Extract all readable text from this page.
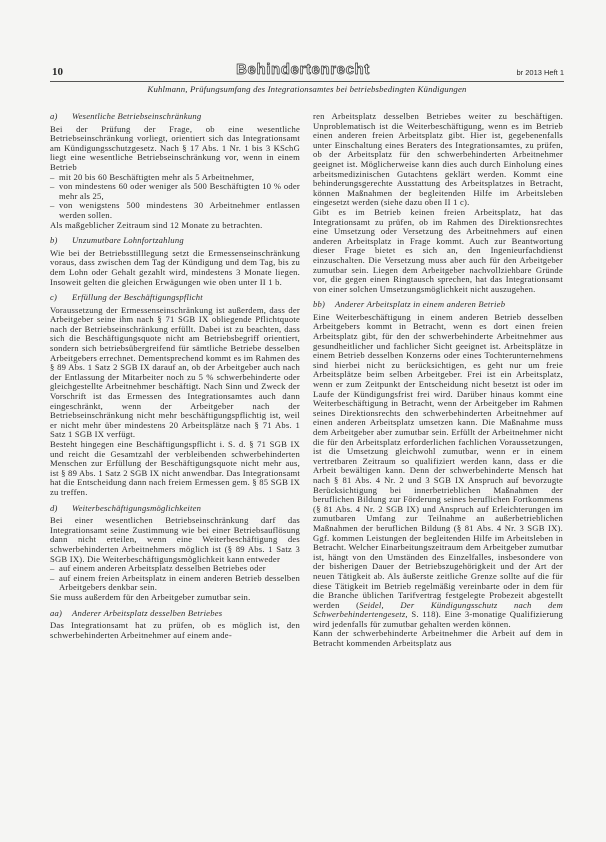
10	Behindertenrecht	br 2013 Heft 1
Kuhlmann, Prüfungsumfang des Integrationsamtes bei betriebsbedingten Kündigungen
a) Wesentliche Betriebseinschränkung

Bei der Prüfung der Frage, ob eine wesentliche Betriebseinschränkung vorliegt, orientiert sich das Integrationsamt am Kündigungsschutzgesetz. Nach § 17 Abs. 1 Nr. 1 bis 3 KSchG liegt eine wesentliche Betriebseinschränkung vor, wenn in einem Betrieb

– mit 20 bis 60 Beschäftigten mehr als 5 Arbeitnehmer,
– von mindestens 60 oder weniger als 500 Beschäftigten 10 % oder mehr als 25,
– von wenigstens 500 mindestens 30 Arbeitnehmer entlassen werden sollen.

Als maßgeblicher Zeitraum sind 12 Monate zu betrachten.

b) Unzumutbare Lohnfortzahlung

Wie bei der Betriebsstilllegung setzt die Ermessenseinschränkung voraus, dass zwischen dem Tag der Kündigung und dem Tag, bis zu dem Lohn oder Gehalt gezahlt wird, mindestens 3 Monate liegen. Insoweit gelten die gleichen Erwägungen wie oben unter II 1 b.

c) Erfüllung der Beschäftigungspflicht

Voraussetzung der Ermessenseinschränkung ist außerdem, dass der Arbeitgeber seine ihm nach § 71 SGB IX obliegende Pflichtquote nach der Betriebseinschränkung erfüllt. Dabei ist zu beachten, dass sich die Beschäftigungsquote nicht am Betriebsbegriff orientiert, sondern sich betriebsübergreifend für sämtliche Betriebe desselben Arbeitgebers errechnet. Dementsprechend kommt es im Rahmen des § 89 Abs. 1 Satz 2 SGB IX darauf an, ob der Arbeitgeber auch nach der Entlassung der Mitarbeiter noch zu 5 % schwerbehinderte oder gleichgestellte Arbeitnehmer beschäftigt. Nach Sinn und Zweck der Vorschrift ist das Ermessen des Integrationsamtes auch dann eingeschränkt, wenn der Arbeitgeber nach der Betriebseinschränkung nicht mehr beschäftigungspflichtig ist, weil er nicht mehr über mindestens 20 Arbeitsplätze nach § 71 Abs. 1 Satz 1 SGB IX verfügt.

Besteht hingegen eine Beschäftigungspflicht i. S. d. § 71 SGB IX und reicht die Gesamtzahl der verbleibenden schwerbehinderten Menschen zur Erfüllung der Beschäftigungsquote nicht mehr aus, ist § 89 Abs. 1 Satz 2 SGB IX nicht anwendbar. Das Integrationsamt hat die Entscheidung dann nach freiem Ermessen gem. § 85 SGB IX zu treffen.

d) Weiterbeschäftigungsmöglichkeiten

Bei einer wesentlichen Betriebseinschränkung darf das Integrationsamt seine Zustimmung wie bei einer Betriebsauflösung dann nicht erteilen, wenn eine Weiterbeschäftigung des schwerbehinderten Arbeitnehmers möglich ist (§ 89 Abs. 1 Satz 3 SGB IX). Die Weiterbeschäftigungsmöglichkeit kann entweder

– auf einem anderen Arbeitsplatz desselben Betriebes oder
– auf einem freien Arbeitsplatz in einem anderen Betrieb desselben Arbeitgebers denkbar sein.

Sie muss außerdem für den Arbeitgeber zumutbar sein.

aa) Anderer Arbeitsplatz desselben Betriebes

Das Integrationsamt hat zu prüfen, ob es möglich ist, den schwerbehinderten Arbeitnehmer auf einem ande-

ren Arbeitsplatz desselben Betriebes weiter zu beschäftigen. Unproblematisch ist die Weiterbeschäftigung, wenn es im Betrieb einen anderen freien Arbeitsplatz gibt. Hier ist, gegebenenfalls unter Einschaltung eines Beraters des Integrationsamtes, zu prüfen, ob der Arbeitsplatz für den schwerbehinderten Arbeitnehmer geeignet ist. Möglicherweise kann dies auch durch Einholung eines arbeitsmedizinischen Gutachtens geklärt werden. Kommt eine behinderungsgerechte Ausstattung des Arbeitsplatzes in Betracht, können Maßnahmen der begleitenden Hilfe im Arbeitsleben eingesetzt werden (siehe dazu oben II 1 c).

Gibt es im Betrieb keinen freien Arbeitsplatz, hat das Integrationsamt zu prüfen, ob im Rahmen des Direktionsrechtes eine Umsetzung oder Versetzung des Arbeitnehmers auf einen anderen Arbeitsplatz in Frage kommt. Auch zur Beantwortung dieser Frage bietet es sich an, den Ingenieurfachdienst einzuschalten. Die Versetzung muss aber auch für den Arbeitgeber zumutbar sein. Liegen dem Arbeitgeber nachvollziehbare Gründe vor, die gegen einen Ringtausch sprechen, hat das Integrationsamt von einer solchen Umsetzungsmöglichkeit nicht auszugehen.

bb) Anderer Arbeitsplatz in einem anderen Betrieb

Eine Weiterbeschäftigung in einem anderen Betrieb desselben Arbeitgebers kommt in Betracht, wenn es dort einen freien Arbeitsplatz gibt, für den der schwerbehinderte Arbeitnehmer aus gesundheitlicher und fachlicher Sicht geeignet ist. Arbeitsplätze in einem Betrieb desselben Konzerns oder eines Tochterunternehmens sind hierbei nicht zu berücksichtigen, es geht nur um freie Arbeitsplätze beim selben Arbeitgeber. Frei ist ein Arbeitsplatz, wenn er zum Zeitpunkt der Entscheidung nicht besetzt ist oder im Laufe der Kündigungsfrist frei wird. Darüber hinaus kommt eine Weiterbeschäftigung in Betracht, wenn der Arbeitgeber im Rahmen seines Direktionsrechts den schwerbehinderten Arbeitnehmer auf einen anderen Arbeitsplatz umsetzen kann. Die Maßnahme muss dem Arbeitgeber aber zumutbar sein. Erfüllt der Arbeitnehmer nicht die für den Arbeitsplatz erforderlichen fachlichen Voraussetzungen, ist die Umsetzung gleichwohl zumutbar, wenn er in einem vertretbaren Zeitraum so qualifiziert werden kann, dass er die Arbeit bewältigen kann. Denn der schwerbehinderte Mensch hat nach § 81 Abs. 4 Nr. 2 und 3 SGB IX Anspruch auf bevorzugte Berücksichtigung bei innerbetrieblichen Maßnahmen der beruflichen Bildung zur Förderung seines beruflichen Fortkommens (§ 81 Abs. 4 Nr. 2 SGB IX) und Anspruch auf Erleichterungen im zumutbaren Umfang zur Teilnahme an außerbetrieblichen Maßnahmen der beruflichen Bildung (§ 81 Abs. 4 Nr. 3 SGB IX). Ggf. kommen Leistungen der begleitenden Hilfe im Arbeitsleben in Betracht. Welcher Einarbeitungszeitraum dem Arbeitgeber zumutbar ist, hängt von den Umständen des Einzelfalles, insbesondere von der bisherigen Dauer der Betriebszugehörigkeit und der Art der neuen Tätigkeit ab. Als äußerste zeitliche Grenze sollte auf die für diese Tätigkeit im Betrieb regelmäßig vereinbarte oder in dem für die Branche üblichen Tarifvertrag festgelegte Probezeit abgestellt werden (Seidel, Der Kündigungsschutz nach dem Schwerbehindertengesetz, S. 118). Eine 3-monatige Qualifizierung wird jedenfalls für zumutbar gehalten werden können.

Kann der schwerbehinderte Arbeitnehmer die Arbeit auf dem in Betracht kommenden Arbeitsplatz aus
